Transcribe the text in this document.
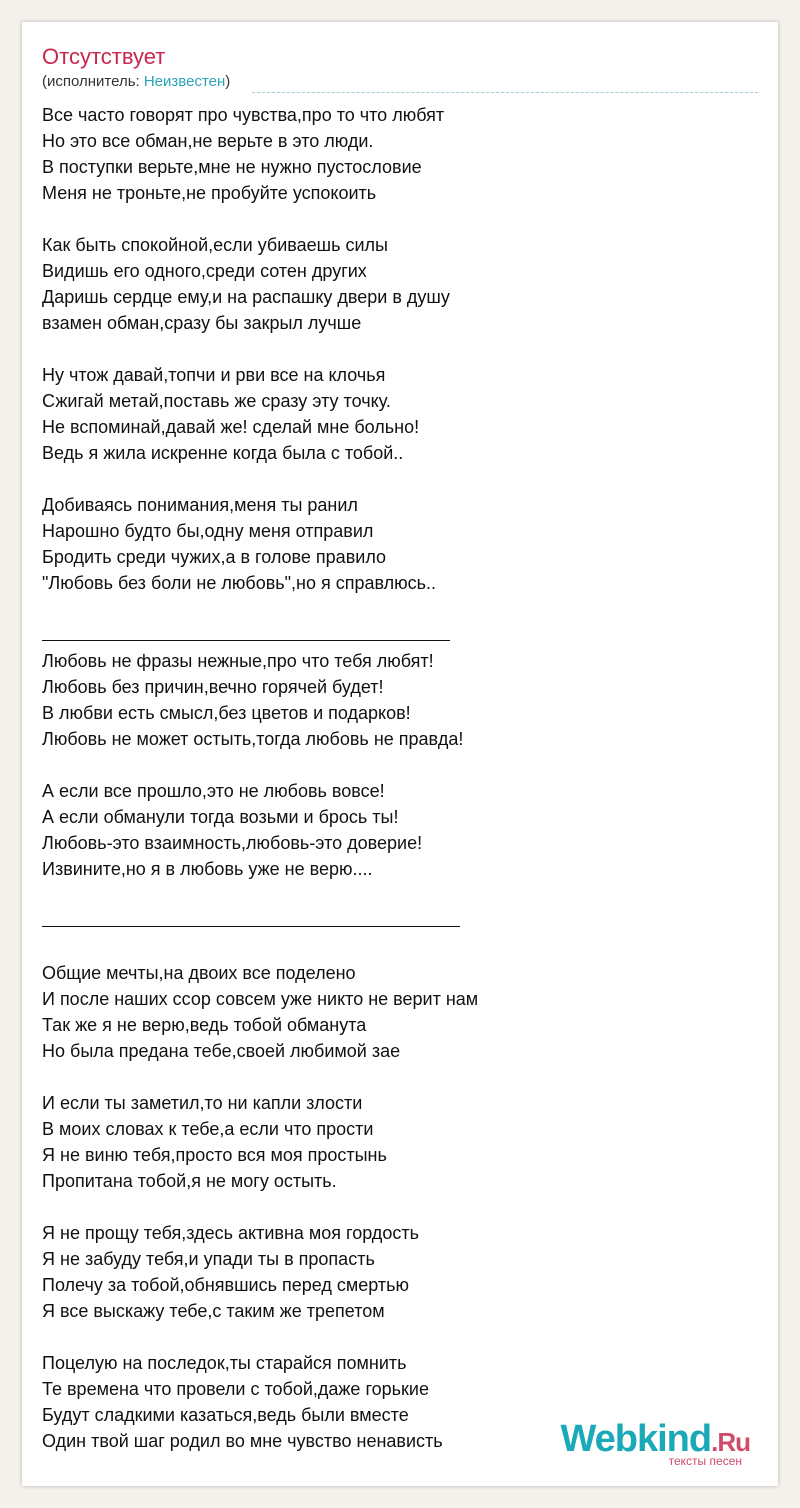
Отсутствует
(исполнитель: Неизвестен)
Все часто говорят про чувства,про то что любят
Но это все обман,не верьте в это люди.
В поступки верьте,мне не нужно пустословие
Меня не троньте,не пробуйте успокоить
Как быть спокойной,если убиваешь силы
Видишь его одного,среди сотен других
Даришь сердце ему,и на распашку двери в душу
взамен обман,сразу бы закрыл лучше
Ну чтож давай,топчи и рви все на клочья
Сжигай метай,поставь же сразу эту точку.
Не вспоминай,давай же! сделай мне больно!
Ведь я жила искренне когда была с тобой..
Добиваясь понимания,меня ты ранил
Нарошно будто бы,одну меня отправил
Бродить среди чужих,а в голове правило
"Любовь без боли не любовь",но я справлюсь..
Любовь не фразы нежные,про что тебя любят!
Любовь без причин,вечно горячей будет!
В любви есть смысл,без цветов и подарков!
Любовь не может остыть,тогда любовь не правда!
А если все прошло,это не любовь вовсе!
А если обманули тогда возьми и брось ты!
Любовь-это взаимность,любовь-это доверие!
Извините,но я в любовь уже не верю....
Общие мечты,на двоих все поделено
И после наших ссор совсем уже никто не верит нам
Так же я не верю,ведь тобой обманута
Но была предана тебе,своей любимой зае
И если ты заметил,то ни капли злости
В моих словах к тебе,а если что прости
Я не виню тебя,просто вся моя простынь
Пропитана тобой,я не могу остыть.
Я не прощу тебя,здесь активна моя гордость
Я не забуду тебя,и упади ты в пропасть
Полечу за тобой,обнявшись перед смертью
Я все выскажу тебе,с таким же трепетом
Поцелую на последок,ты старайся помнить
Те времена что провели с тобой,даже горькие
Будут сладкими казаться,ведь были вместе
Один твой шаг родил во мне чувство ненависть	Webkind.Ru
тексты песен
